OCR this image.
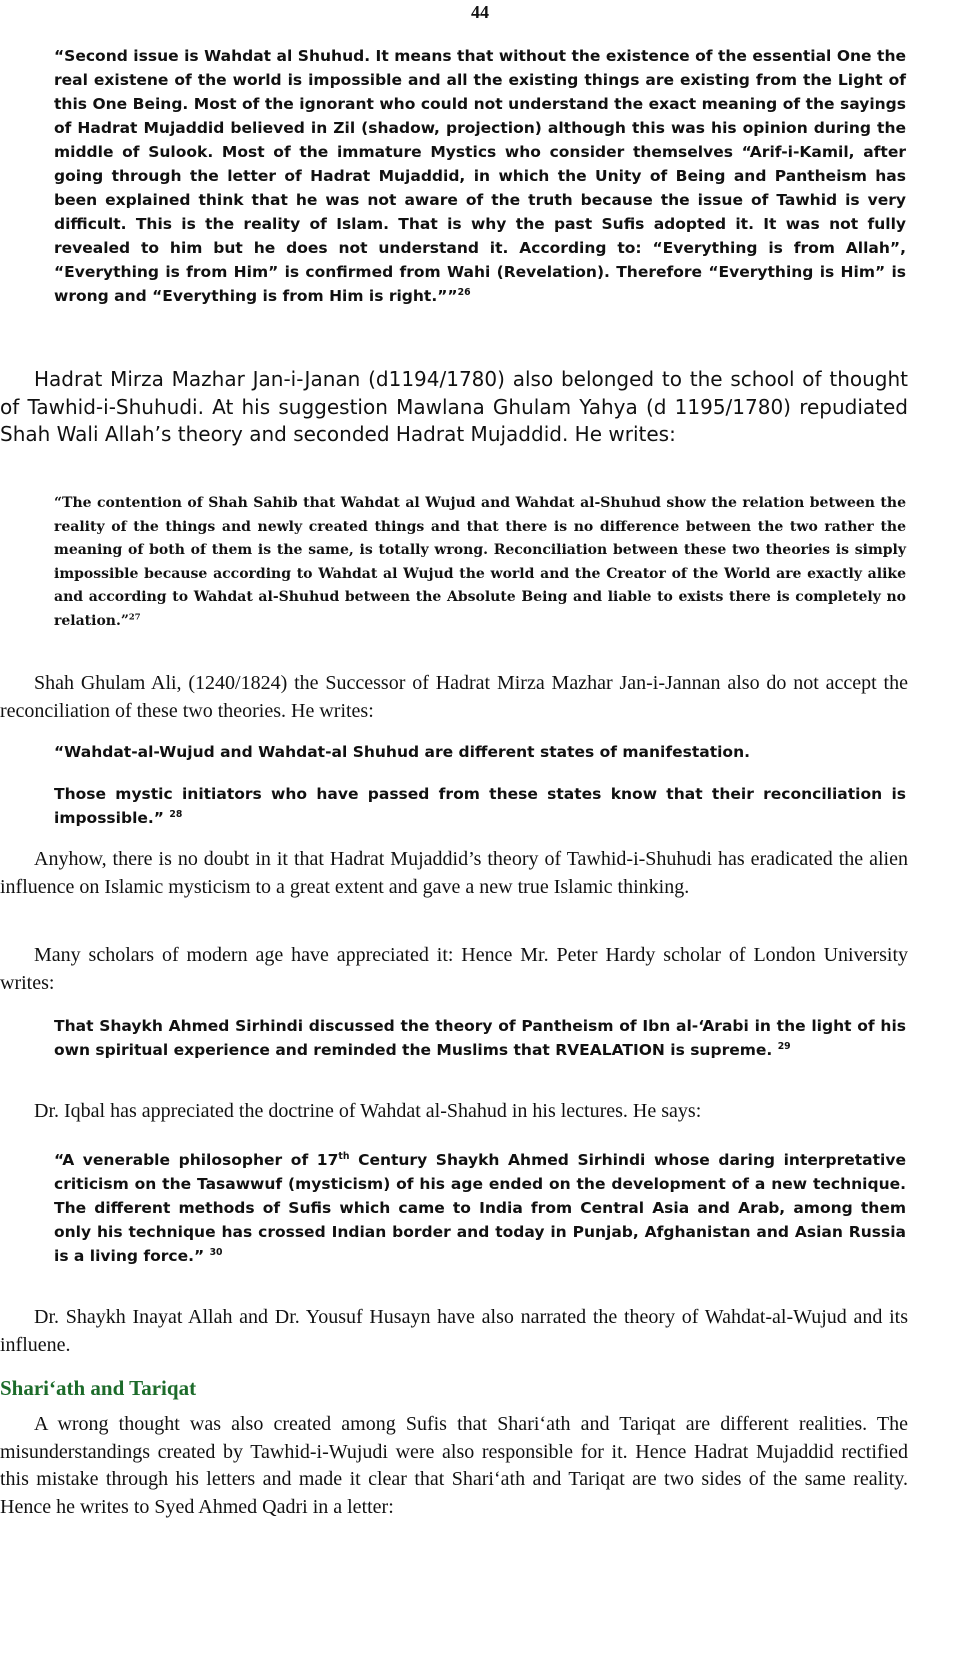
44

“Second issue is Wahdat al Shuhud. It means that without the existence of the essential One the real existene of the world is impossible and all the existing things are existing from the Light of this One Being. Most of the ignorant who could not understand the exact meaning of the sayings of Hadrat Mujaddid believed in Zil (shadow, projection) although this was his opinion during the middle of Sulook. Most of the immature Mystics who consider themselves “Arif-i-Kamil, after going through the letter of Hadrat Mujaddid, in which the Unity of Being and Pantheism has been explained think that he was not aware of the truth because the issue of Tawhid is very difficult. This is the reality of Islam. That is why the past Sufis adopted it. It was not fully revealed to him but he does not understand it. According to: “Everything is from Allah”, “Everything is from Him” is confirmed from Wahi (Revelation). Therefore “Everything is Him” is wrong and “Everything is from Him is right.””$^{26}$

Hadrat Mirza Mazhar Jan-i-Janan (d1194/1780) also belonged to the school of thought of Tawhid-i-Shuhudi. At his suggestion Mawlana Ghulam Yahya (d 1195/1780) repudiated Shah Wali Allah’s theory and seconded Hadrat Mujaddid. He writes:

“The contention of Shah Sahib that Wahdat al Wujud and Wahdat al-Shuhud show the relation between the reality of the things and newly created things and that there is no difference between the two rather the meaning of both of them is the same, is totally wrong. Reconciliation between these two theories is simply impossible because according to Wahdat al Wujud the world and the Creator of the World are exactly alike and according to Wahdat al-Shuhud between the Absolute Being and liable to exists there is completely no relation.”$^{27}$

Shah Ghulam Ali, (1240/1824) the Successor of Hadrat Mirza Mazhar Jan-i-Jannan also do not accept the reconciliation of these two theories. He writes:

“Wahdat-al-Wujud and Wahdat-al Shuhud are different states of manifestation.

Those mystic initiators who have passed from these states know that their reconciliation is impossible.” $^{28}$

Anyhow, there is no doubt in it that Hadrat Mujaddid’s theory of Tawhid-i-Shuhudi has eradicated the alien influence on Islamic mysticism to a great extent and gave a new true Islamic thinking.

Many scholars of modern age have appreciated it: Hence Mr. Peter Hardy scholar of London University writes:

That Shaykh Ahmed Sirhindi discussed the theory of Pantheism of Ibn al-‘Arabi in the light of his own spiritual experience and reminded the Muslims that RVEALATION is supreme. $^{29}$

Dr. Iqbal has appreciated the doctrine of Wahdat al-Shahud in his lectures. He says:

“A venerable philosopher of 17th Century Shaykh Ahmed Sirhindi whose daring interpretative criticism on the Tasawwuf (mysticism) of his age ended on the development of a new technique. The different methods of Sufis which came to India from Central Asia and Arab, among them only his technique has crossed Indian border and today in Punjab, Afghanistan and Asian Russia is a living force.” $^{30}$

Dr. Shaykh Inayat Allah and Dr. Yousuf Husayn have also narrated the theory of Wahdat-al-Wujud and its influene.

Shari‘ath and Tariqat

A wrong thought was also created among Sufis that Shari‘ath and Tariqat are different realities. The misunderstandings created by Tawhid-i-Wujudi were also responsible for it. Hence Hadrat Mujaddid rectified this mistake through his letters and made it clear that Shari‘ath and Tariqat are two sides of the same reality. Hence he writes to Syed Ahmed Qadri in a letter:
